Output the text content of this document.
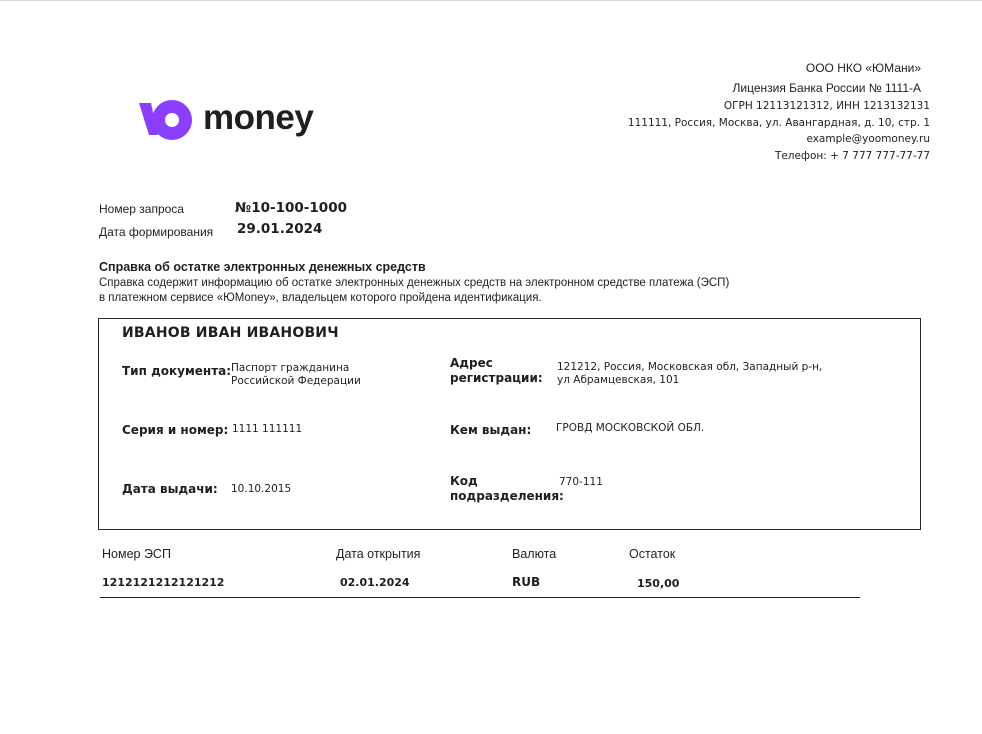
money
ООО НКО «ЮМани»
Лицензия Банка России № 1111-А
ОГРН 12113121312, ИНН 1213132131
111111, Россия, Москва, ул. Авангардная, д. 10, стр. 1
example@yoomoney.ru
Телефон: + 7 777 777-77-77
Номер запроса	№10-100-1000
Дата формирования 29.01.2024
Справка об остатке электронных денежных средств
Справка содержит информацию об остатке электронных денежных средств на электронном средстве платежа (ЭСП)
в платежном сервисе «ЮMoney», владельцем которого пройдена идентификация.
ИВАНОВ ИВАН ИВАНОВИЧ
Тип документа: Паспорт гражданина
Российской Федерации
Серия и номер: 1111 111111
Дата выдачи: 10.10.2015
Адрес
регистрации:
121212, Россия, Московская обл, Западный р-н,
ул Абрамцевская, 101
Кем выдан: ГРОВД МОСКОВСКОЙ ОБЛ.
Код
подразделения:
770-111
Номер ЭСП	Дата открытия	Валюта	Остаток
1212121212121212	02.01.2024	RUB	150,00
